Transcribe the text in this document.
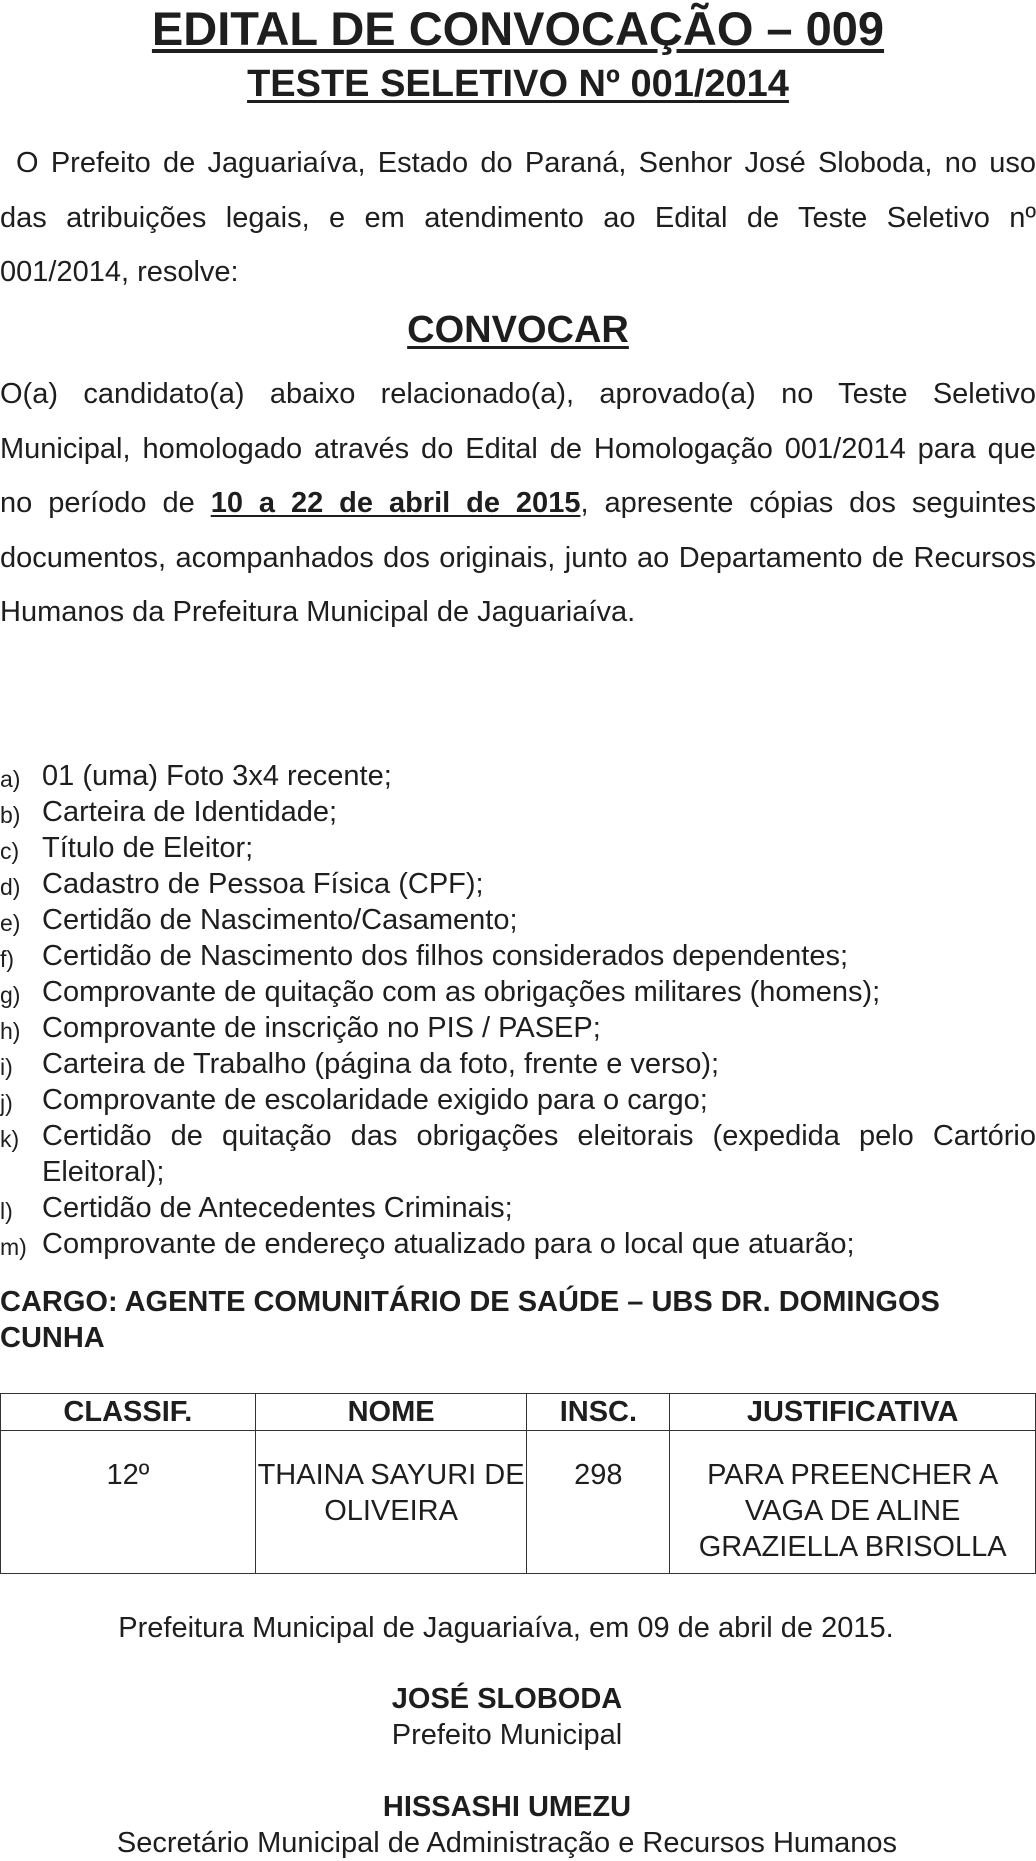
EDITAL DE CONVOCAÇÃO – 009
TESTE SELETIVO Nº 001/2014

O Prefeito de Jaguariaíva, Estado do Paraná, Senhor José Sloboda, no uso das atribuições legais, e em atendimento ao Edital de Teste Seletivo nº 001/2014, resolve:

CONVOCAR

O(a) candidato(a) abaixo relacionado(a), aprovado(a) no Teste Seletivo Municipal, homologado através do Edital de Homologação 001/2014 para que no período de 10 a 22 de abril de 2015, apresente cópias dos seguintes documentos, acompanhados dos originais, junto ao Departamento de Recursos Humanos da Prefeitura Municipal de Jaguariaíva.

a) 01 (uma) Foto 3x4 recente;
b) Carteira de Identidade;
c) Título de Eleitor;
d) Cadastro de Pessoa Física (CPF);
e) Certidão de Nascimento/Casamento;
f) Certidão de Nascimento dos filhos considerados dependentes;
g) Comprovante de quitação com as obrigações militares (homens);
h) Comprovante de inscrição no PIS / PASEP;
i) Carteira de Trabalho (página da foto, frente e verso);
j) Comprovante de escolaridade exigido para o cargo;
k) Certidão de quitação das obrigações eleitorais (expedida pelo Cartório Eleitoral);
l) Certidão de Antecedentes Criminais;
m) Comprovante de endereço atualizado para o local que atuarão;
CARGO: AGENTE COMUNITÁRIO DE SAÚDE – UBS DR. DOMINGOS CUNHA
CLASSIF.	NOME	INSC.	JUSTIFICATIVA
12º	THAINA SAYURI DE OLIVEIRA	298	PARA PREENCHER A VAGA DE ALINE GRAZIELLA BRISOLLA
Prefeitura Municipal de Jaguariaíva, em 09 de abril de 2015.
JOSÉ SLOBODA
Prefeito Municipal
HISSASHI UMEZU
Secretário Municipal de Administração e Recursos Humanos
